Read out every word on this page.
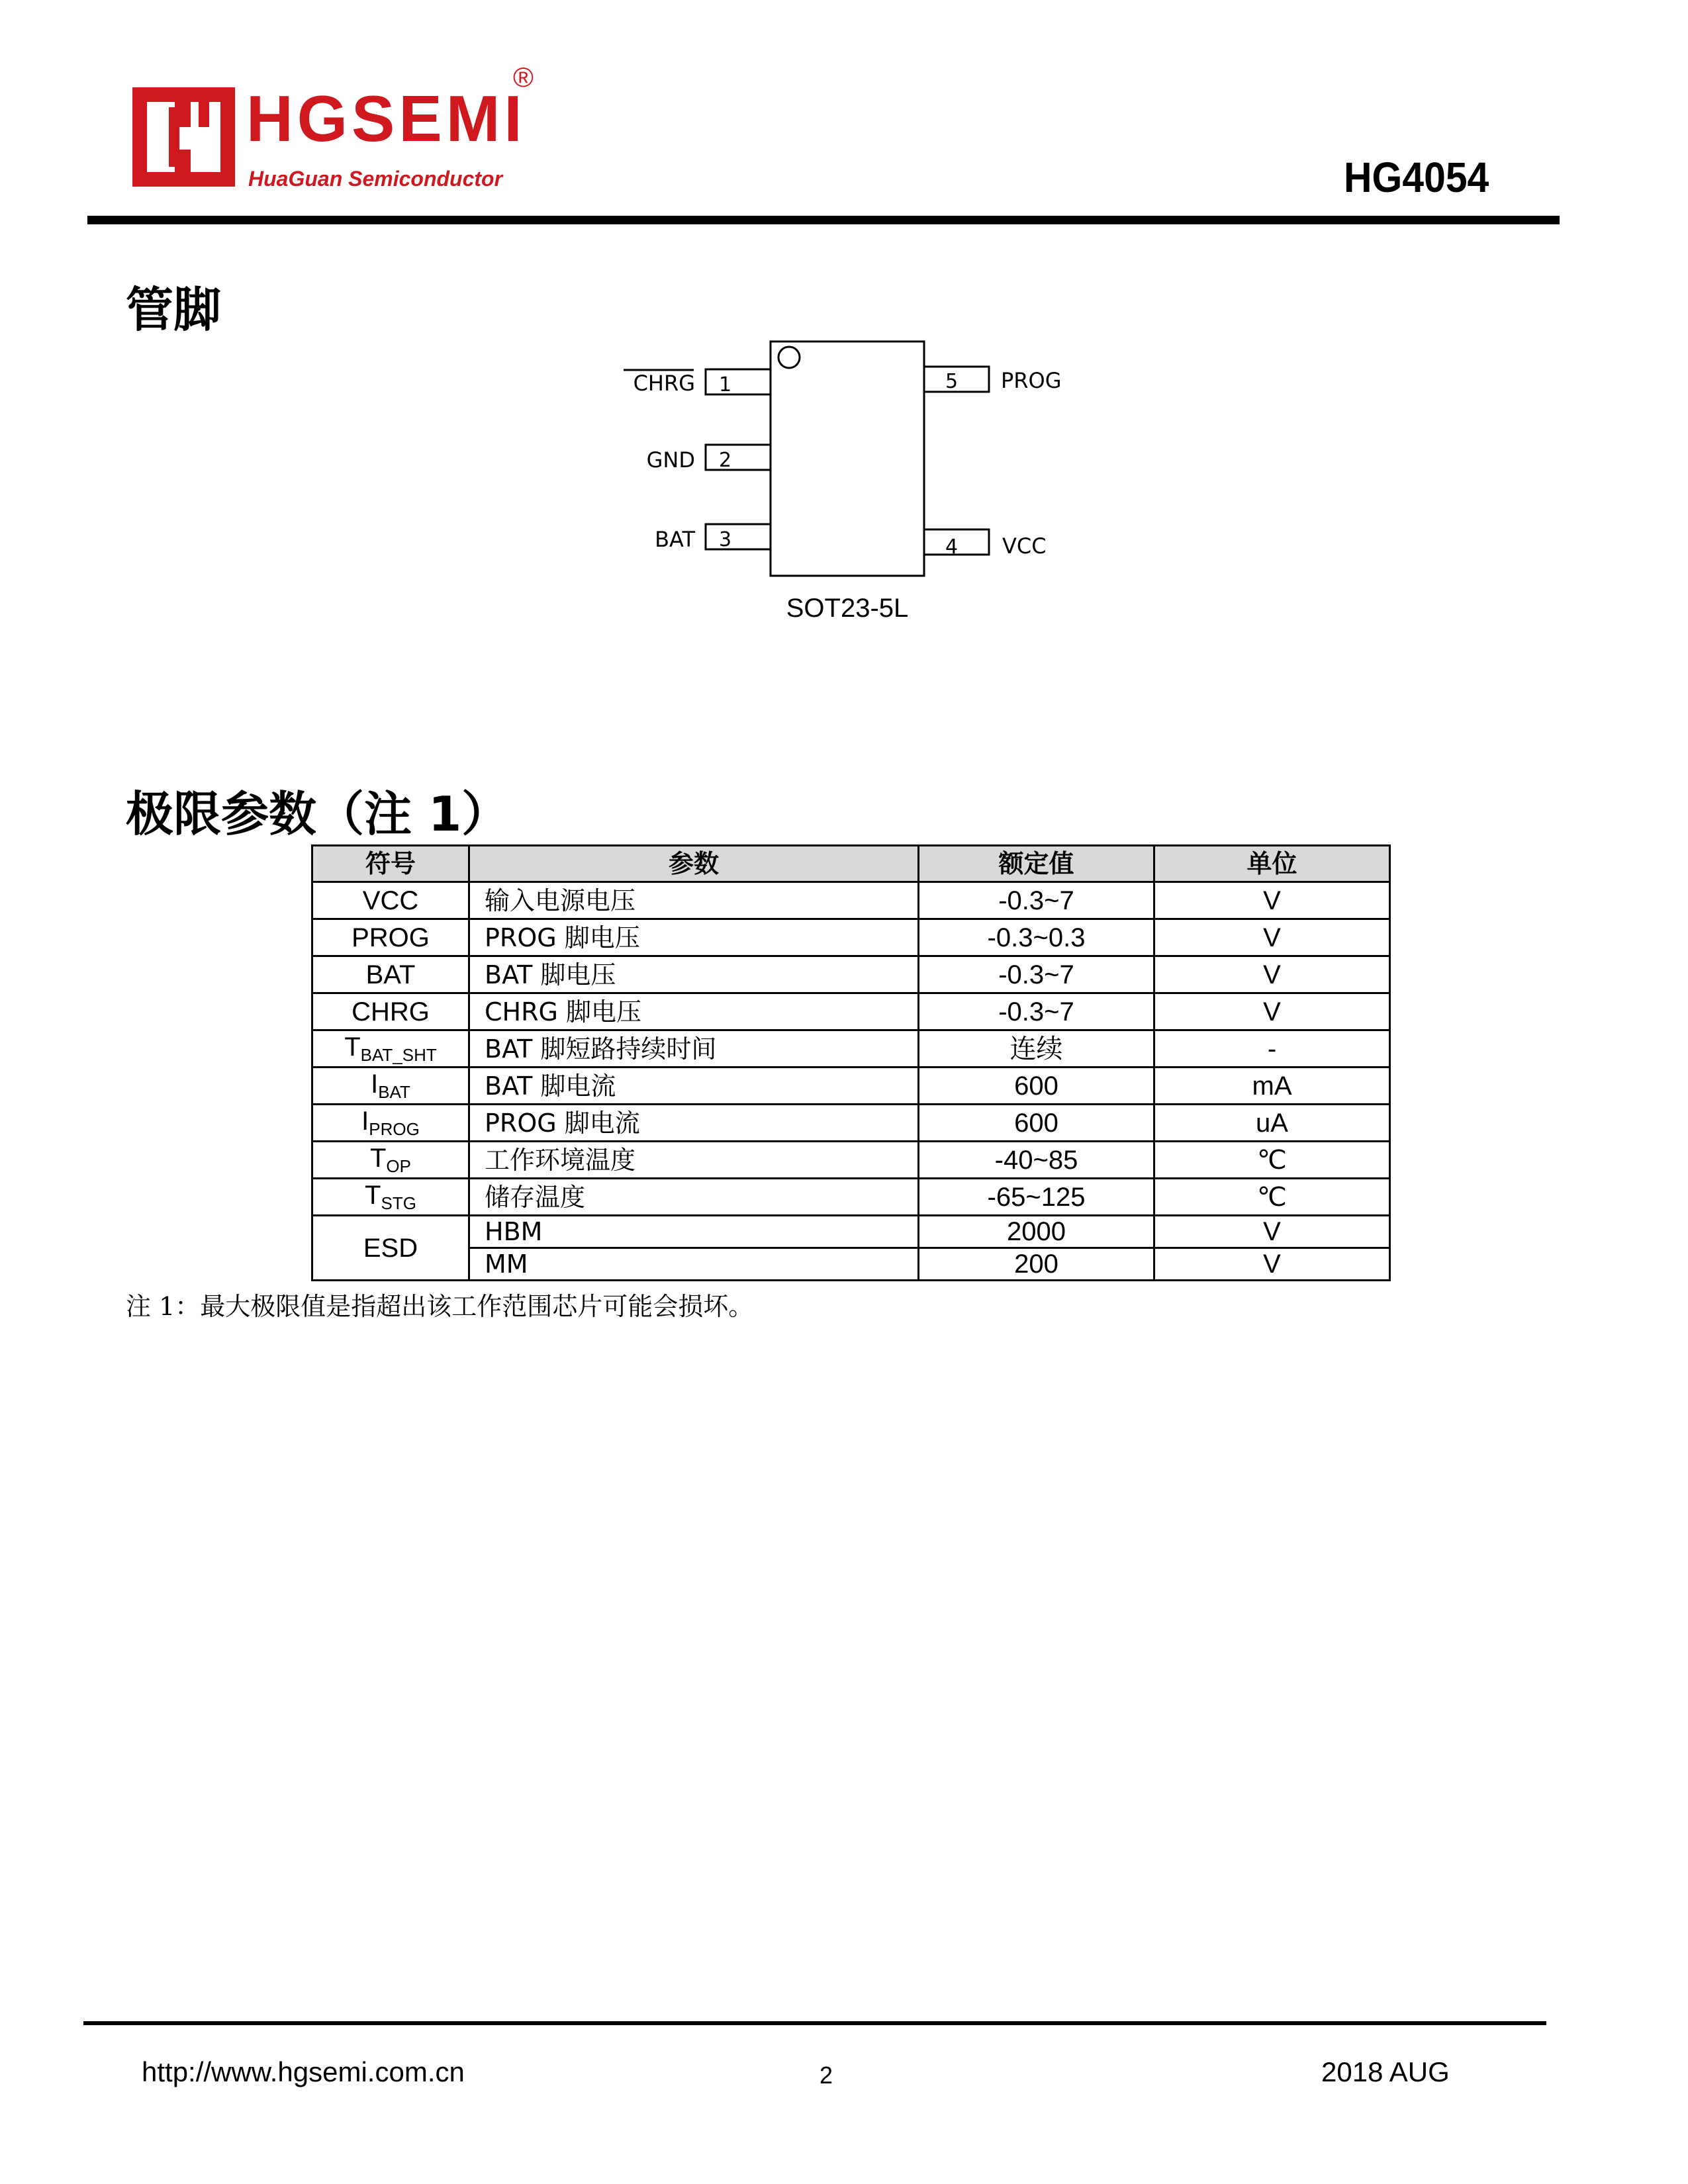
HGSEMI
HuaGuan Semiconductor
®
HG4054
管脚
1
CHRG
2
GND
3
BAT
5 PROG
4 VCC
SOT23-5L
极限参数（注 1）
符号	参数	额定值	单位
VCC	输入电源电压	-0.3~7	V
PROG	PROG 脚电压	-0.3~0.3	V
BAT	BAT 脚电压	-0.3~7	V
CHRG	CHRG 脚电压	-0.3~7	V
$T_{BAT\_SHT}$	BAT 脚短路持续时间	连续	-
$I_{BAT}$	BAT 脚电流	600	mA
$I_{PROG}$	PROG 脚电流	600	uA
$T_{OP}$	工作环境温度	-40~85	℃
$T_{STG}$	储存温度	-65~125	℃
ESD	HBM	2000	V
	MM	200	V
注 1：最大极限值是指超出该工作范围芯片可能会损坏。
http://www.hgsemi.com.cn	2	2018 AUG
